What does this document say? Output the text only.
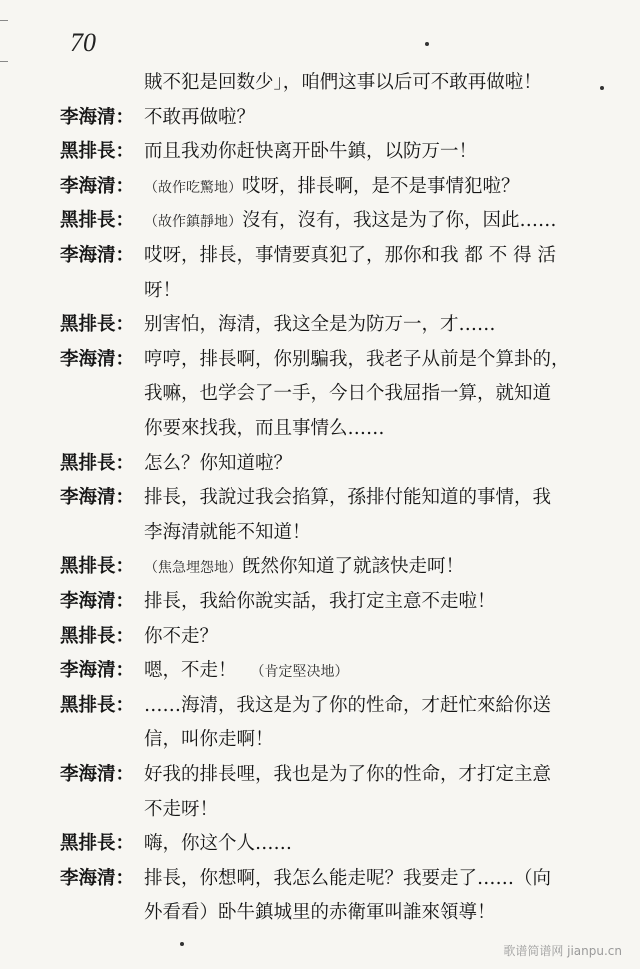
70
賊不犯是回数少」，咱們这事以后可不敢再做啦！
李海清： 不敢再做啦？
黑排長： 而且我劝你赶快离开卧牛鎮，以防万一！
李海清： （故作吃驚地）哎呀，排長啊，是不是事情犯啦？
黑排長： （故作鎮靜地）沒有，沒有，我这是为了你，因此……
李海清： 哎呀，排長，事情要真犯了，那你和我 都 不 得 活
呀！
黑排長： 别害怕，海清，我这全是为防万一，才……
李海清： 哼哼，排長啊，你别騙我，我老子从前是个算卦的，
我嘛，也学会了一手，今日个我屈指一算，就知道
你要來找我，而且事情么……
黑排長： 怎么？你知道啦？
李海清： 排長，我說过我会掐算，孫排付能知道的事情，我
李海清就能不知道！
黑排長： （焦急埋怨地）旣然你知道了就該快走呵！
李海清： 排長，我給你說实話，我打定主意不走啦！
黑排長： 你不走？
李海清： 嗯，不走！ （肯定堅决地）
黑排長： ……海清，我这是为了你的性命，才赶忙來給你送
信，叫你走啊！
李海清： 好我的排長哩，我也是为了你的性命，才打定主意
不走呀！
黑排長： 嗨，你这个人……
李海清： 排長，你想啊，我怎么能走呢？我要走了……（向
外看看）卧牛鎮城里的赤衛軍叫誰來領導！
歌谱简谱网 jianpu.cn
